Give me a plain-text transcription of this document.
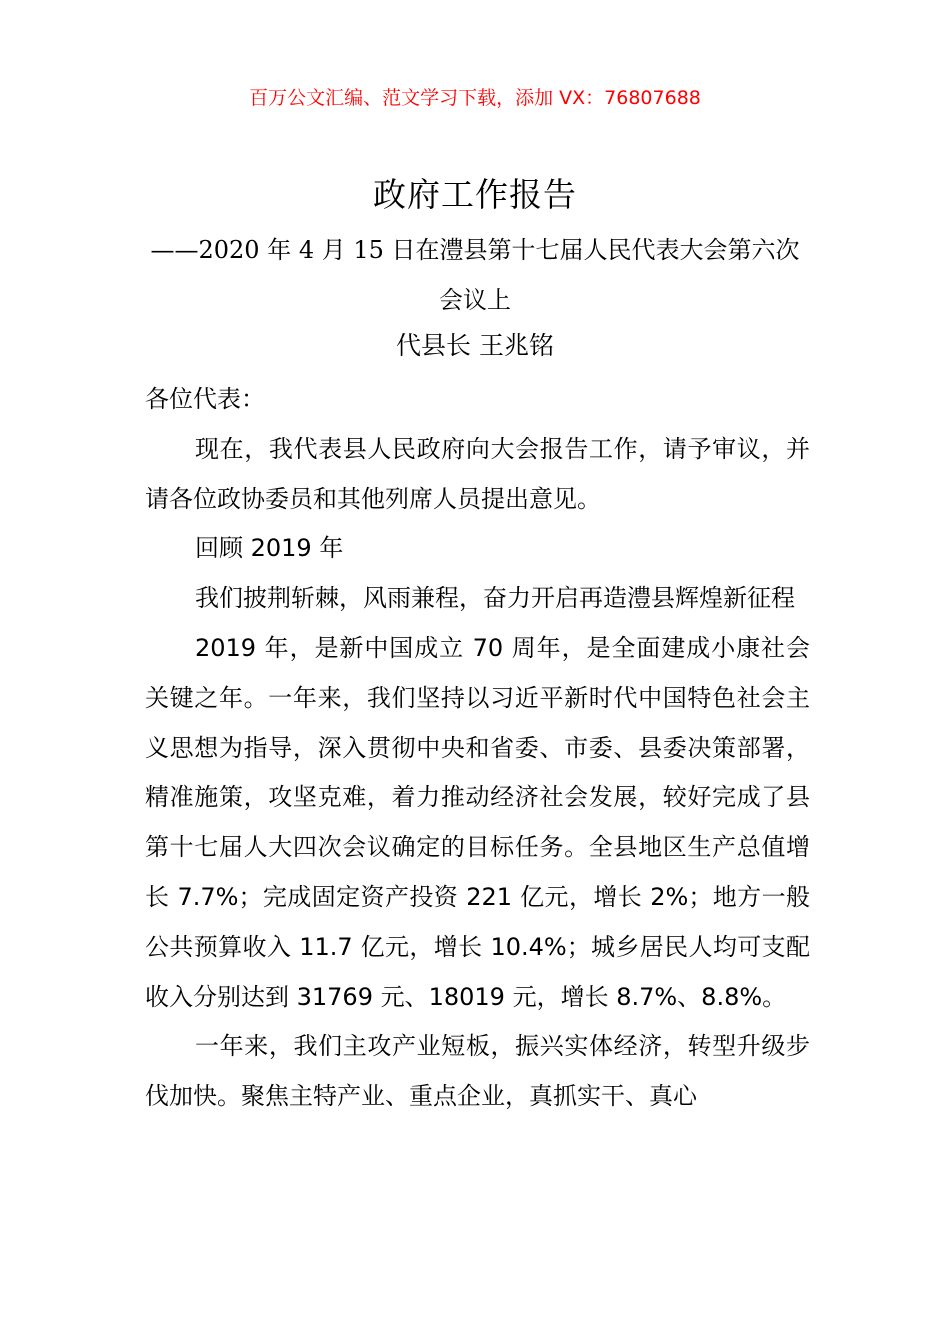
百万公文汇编、范文学习下载，添加 VX：76807688
政府工作报告
——2020 年 4 月 15 日在澧县第十七届人民代表大会第六次会议上
代县长 王兆铭

各位代表：

现在，我代表县人民政府向大会报告工作，请予审议，并请各位政协委员和其他列席人员提出意见。

回顾 2019 年

我们披荆斩棘，风雨兼程，奋力开启再造澧县辉煌新征程

2019 年，是新中国成立 70 周年，是全面建成小康社会关键之年。一年来，我们坚持以习近平新时代中国特色社会主义思想为指导，深入贯彻中央和省委、市委、县委决策部署，精准施策，攻坚克难，着力推动经济社会发展，较好完成了县第十七届人大四次会议确定的目标任务。全县地区生产总值增长 7.7%；完成固定资产投资 221 亿元，增长 2%；地方一般公共预算收入 11.7 亿元，增长 10.4%；城乡居民人均可支配收入分别达到 31769 元、18019 元，增长 8.7%、8.8%。

一年来，我们主攻产业短板，振兴实体经济，转型升级步伐加快。聚焦主特产业、重点企业，真抓实干、真心
